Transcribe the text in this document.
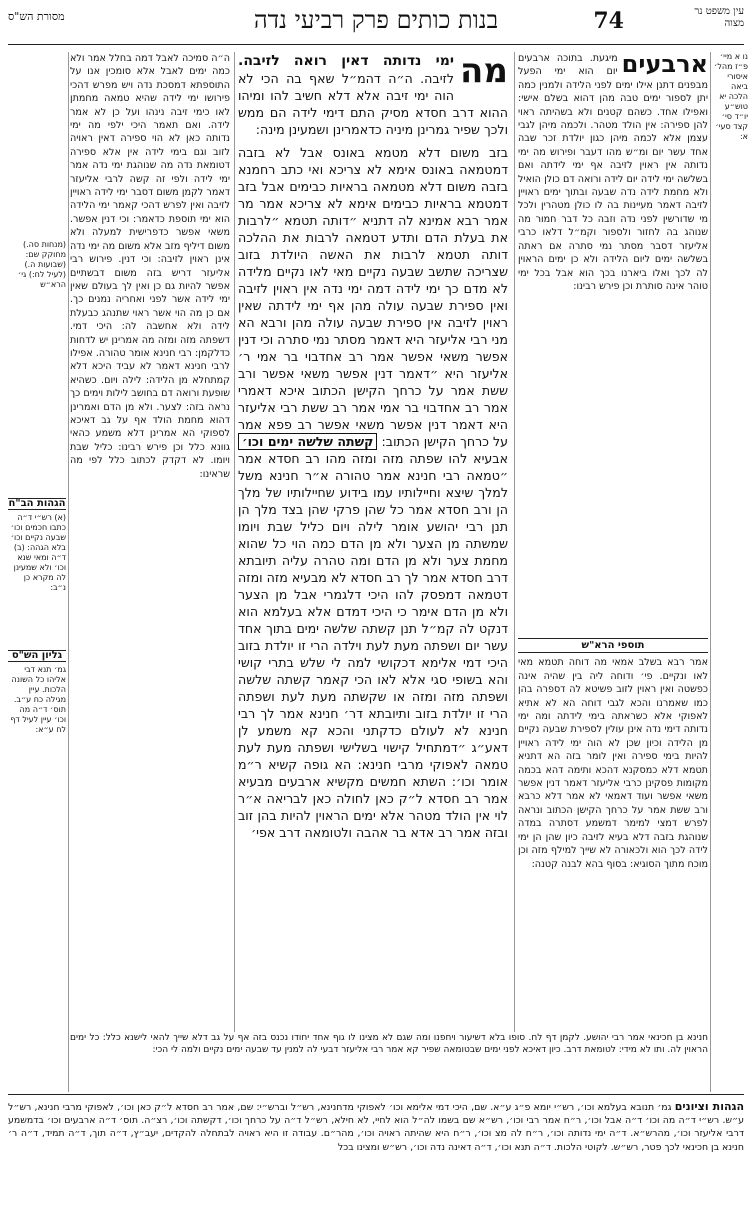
עין משפט נר מצוה
74
בנות כותים פרק רביעי נדה
מסורת הש"ס
נו א מיי׳ פ״ז מהל׳ איסורי ביאה הלכה יא טוש״ע יו״ד סי׳ קצד סעי׳ א:
ארבעים
מיגעת. בתוכה ארבעים יום הוא ימי הפעל מבפנים דתנן אילו ימים לפני הלידה ולמנין כמה יתן לספור ימים טבה מהן דהוא בשלם אישי: ואפילו אחד. כשהם קטנים ולא בשהיתה ראוי להן ספירה: אין הולד מטהר. ולכמה מיהן לגבי עצמן אלא לכמה מיהן כגון יולדת זכר שבה אחד עשר יום ומ״ש מהו דעבר ופירוש מה ימי נדותה אין ראוין לזיבה אף ימי לידתה ואם בשלשה ימי לידה יום לידה ורואה דם כולן הואיל ולא מחמת לידה נדה שבעה ובתוך ימים ראויין לזיבה דאמר מעיינות בה לו כולן מטהרין ולכל מי שדורשין לפני נדה וזבה כל דבר חמור מה שנוהג בה לחזור ולספור וקמ״ל דלאו כרבי אליעזר דסבר מסתר נמי סתרה אם ראתה בשלשה ימים ליום הלידה ולא כן ימים הראוין לה לכך ואלו ביארנו בכך הוא אבל בכל ימי טוהר אינה סותרת וכן פירש רבינו:
תוספי הרא"ש
אמר רבא בשלב אמאי מה דוחה תטמא מאי לאו ונקיים. פי׳ ודוחה ליה בין שהיה אינה כפשטה ואין ראוין לזוב פשיטא לה דספרה בהן כמו שאמרנו והכא לגבי דוחה הא לא אתיא לאפוקי אלא כשראתה בימי לידתה ומה ימי נדותה דימי נדה אינן עולין לספירת שבעה נקיים מן הלידה וכיון שכן לא הוה ימי לידה ראויין להיות בימי ספירה ואין לומר בזה הא דתניא תטמא דלא כמסקנא דהכא ותימה דהא בכמה מקומות פסקינן כרבי אליעזר דאמר דנין אפשר משאי אפשר ועוד דאמאי לא אמר דלא כרבא ורב ששת אמר על כרחך הקישן הכתוב ונראה לפרש דמצי למימר דמשמע דסתרה במדה שנוהגת בזבה דלא בעיא לזיבה כיון שהן הן ימי לידה לכך הוא ולכאורה לא שייך למילף מזה וכן מוכח מתוך הסוגיא: בסוף בהא לבנה קטנה:
מה
ימי נדותה דאין רואה לזיבה. לזיבה. ה״ה דהמ״ל שאף בה הכי לא הוה ימי זיבה אלא דלא חשיב להו ומיהו ההוא דרב חסדא מסיק התם דימי לידה הם ממש ולכך שפיר גמרינן מיניה כדאמרינן ושמעינן מינה:

בזב משום דלא מטמא באונס אבל לא בזבה דמטמאה באונס אימא לא צריכא ואי כתב רחמנא בזבה משום דלא מטמאה בראיות כבימים אבל בזב דמטמא בראיות כבימים אימא לא צריכא אמר מר אמר רבא אמינא לה דתניא ״דותה תטמא ״לרבות את בעלת הדם ותדע דטמאה לרבות את ההלכה דותה תטמא לרבות את האשה היולדת בזוב שצריכה שתשב שבעה נקיים מאי לאו נקיים מלידה לא מדם כך ימי לידה דמה ימי נדה אין ראוין לזיבה ואין ספירת שבעה עולה מהן אף ימי לידתה שאין ראוין לזיבה אין ספירת שבעה עולה מהן ורבא הא מני רבי אליעזר היא דאמר מסתר נמי סתרה וכי דנין אפשר משאי אפשר אמר רב אחדבוי בר אמי ר׳ אליעזר היא ״דאמר דנין אפשר משאי אפשר ורב ששת אמר על כרחך הקישן הכתוב איכא דאמרי אמר רב אחדבוי בר אמי אמר רב ששת רבי אליעזר היא דאמר דנין אפשר משאי אפשר רב פפא אמר על כרחך הקישן הכתוב: קשתה שלשה ימים וכו׳ אבעיא להו שפתה מזה ומזה מהו רב חסדא אמר ״טמאה רבי חנינא אמר טהורה א״ר חנינא משל למלך שיצא וחיילותיו עמו בידוע שחיילותיו של מלך הן ורב חסדא אמר כל שהן פרקי שהן בצד מלך הן תנן רבי יהושע אומר לילה ויום כליל שבת ויומו שמשתה מן הצער ולא מן הדם כמה הוי כל שהוא מחמת צער ולא מן הדם ומה טהרה עליה תיובתא דרב חסדא אמר לך רב חסדא לא מבעיא מזה ומזה דטמאה דמפסק להו היכי דלגמרי אבל מן הצער ולא מן הדם אימר כי היכי דמדם אלא בעלמא הוא דנקט לה קמ״ל תנן קשתה שלשה ימים בתוך אחד עשר יום ושפתה מעת לעת וילדה הרי זו יולדת בזוב היכי דמי אלימא דכקושי למה לי שלש בתרי קושי והא בשופי סגי אלא לאו הכי קאמר קשתה שלשה ושפתה מזה ומזה או שקשתה מעת לעת ושפתה הרי זו יולדת בזוב ותיובתא דר׳ חנינא אמר לך רבי חנינא לא לעולם כדקתני והכא קא משמע לן דאע״ג ״דמתחיל קישוי בשלישי ושפתה מעת לעת טמאה לאפוקי מרבי חנינא: הא גופה קשיא ר״מ אומר וכו׳: השתא חמשים מקשיא ארבעים מבעיא אמר רב חסדא ל״ק כאן לחולה כאן לבריאה א״ר לוי אין הולד מטהר אלא ימים הראוין להיות בהן זוב ובזה אמר רב אדא בר אהבה ולטומאה דרב אפי׳

ה״ה סמיכה לאבל דמה בחלל אמר ולא כמה ימים לאבל אלא סומכין אנו על התוספתא דמסכת נדה ויש מפרש דהכי פירושו ימי לידה שהיא טמאה מחמתן לאו כימי זיבה נינהו ועל כן לא אמר לידה. ואם תאמר היכי ילפי מה ימי נדותה כאן לא הוי ספירה דאין ראויה לזוב וגם בימי לידה אין אלא ספירה דטומאת נדה מה שנוהגת ימי נדה אמר ימי לידה ולפי זה קשה לרבי אליעזר דאמר לקמן משום דסבר ימי לידה ראויין לזיבה ואין לפרש דהכי קאמר ימי הלידה הוא ימי תוספת כדאמר: וכי דנין אפשר. משאי אפשר כדפרישית למעלה ולא משום דיליף מזב אלא משום מה ימי נדה אינן ראוין לזיבה: וכי דנין. פירוש רבי אליעזר דריש בזה משום דבשתיים אפשר להיות גם כן ואין לך בעולם שאין ימי לידה אשר לפני ואחריה נמנים כך. אם כן מה הוי אשר ראוי שתנהג כבעלת לידה ולא אחשבה לה: היכי דמי. דשפתה מזה ומזה מה אמרינן יש לדחות כדלקמן: רבי חנינא אומר טהורה. אפילו לרבי חנינא דאמר לא עביד היכא דלא קמתחלא מן הלידה: לילה ויום. כשהיא שופעת ורואה דם בחושב לילות וימים כך נראה בזה: לצער. ולא מן הדם ואמרינן דהוא מחמת הולד אף על גב דאיכא לספוקי הא אמרינן דלא משמע כהאי גוונא כלל וכן פירש רבינו: כליל שבת ויומו. לא דקדק לכתוב כלל לפי מה שראינו:
(מנחות סה.) מחוקק שם: (שבועות ה.) (לעיל לח:) גי׳ הרא״ש
הגהות הב"ח
(א) רש״י ד״ה כתבו חכמים וכו׳ שבעה נקיים וכו׳ בלא הגהה: (ב) ד״ה ומאי שנא וכו׳ ולא שמעינן לה מקרא כן נ״ב:
גליון הש"ס
גמ׳ תנא דבי אליהו כל השונה הלכות. עיין מגילה כח ע״ב. תוס׳ ד״ה מה וכו׳ עיין לעיל דף לח ע״א:
חנינא בן חכינאי אמר רבי יהושע. לקמן דף לח. סופו בלא דשיעור ויחפנו ומה שגם לא מצינו לו גוף אחד יחודו נכנס בזה אף על גב דלא שייך להאי לישנא כלל: כל ימים הראוין לה. ותו לא מידי: לטומאת דרב. כיון דאיכא לפני ימים שבטומאה שפיר קא אמר רבי אליעזר דבעי לה למנין עד שבעה ימים נקיים ולמה לי הכי:
הגהות וציונים גמ׳ תנובא בעלמא וכו׳, רש״י יומא פ״ג ע״א. שם, היכי דמי אלימא וכו׳ לאפוקי מדחנינא, רש״ל וברש״י: שם, אמר רב חסדא ל״ק כאן וכו׳, לאפוקי מרבי חנינא, רש״ל ע״ש. רש״י ד״ה מה וכו׳ ד״ה אבל וכו׳, ר״ח אמר רבי וכו׳, רש״א שם בשמו לה״ל הוא לחיי, לא חילא, רש״ל ד״ה על כרחך וכו׳, דקשתה וכו׳, רצ״ה. תוס׳ ד״ה ארבעים וכו׳ בדמשמע דרבי אליעזר וכו׳, מהרש״א. ד״ה ימי נדותה וכו׳, ר״ח לה מצ וכו׳, ר״ח היא שהיתה ראויה וכו׳, מהר״ם. עבודה זו היא ראויה לבתחלה להקדים, יעב״ץ, ד״ה תוך, ד״ה תמיד, ד״ה ר׳ חנינא בן חכינאי לכך פטר, רש״ש. לקוטי הלכות. ד״ה תנא וכו׳, ד״ה דאינה נדה וכו׳, רש״ש ומצינו בכל
